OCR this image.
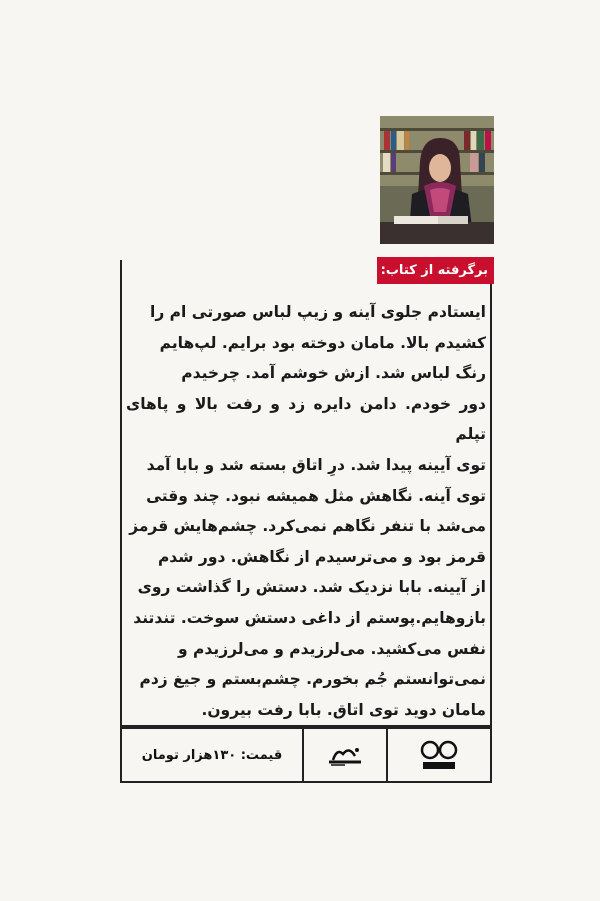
برگرفته از کتاب:

ایستادم جلوی آینه و زیپ لباس صورتی ام را

کشیدم بالا. مامان دوخته بود برایم. لپ‌هایم

رنگ لباس شد. ازش خوشم آمد. چرخیدم

دور خودم. دامن دایره زد و رفت بالا و پاهای تپلم

توی آیینه پیدا شد. درِ اتاق بسته شد و بابا آمد

توی آینه. نگاهش مثل همیشه نبود. چند وقتی

می‌شد با تنفر نگاهم نمی‌کرد. چشم‌هایش قرمز

قرمز بود و می‌ترسیدم از نگاهش. دور شدم

از آیینه. بابا نزدیک شد. دستش را گذاشت روی

بازوهایم.پوستم از داغی دستش سوخت. تندتند

نفس می‌کشید. می‌لرزیدم و می‌لرزیدم و

نمی‌توانستم جُم بخورم. چشم‌بستم و جیغ زدم

مامان دوید توی اتاق. بابا رفت بیرون.

قیمت: ۱۳۰هزار تومان
